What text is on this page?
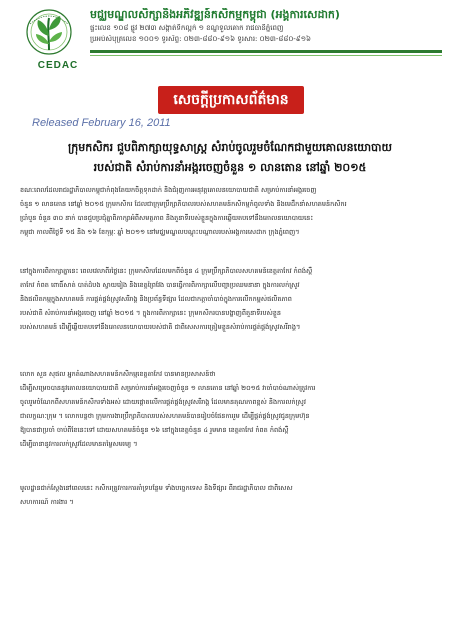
CEDAC
មជ្ឈមណ្ឌលសិក្សានិងអភិវឌ្ឍន៍កសិកម្មកម្ពុជា (អង្គការសេដាក)
ផ្ទះលេខ ១០៨ ផ្លូវ ២៧៣ សង្កាត់ទឹកល្អក់ ១ ខណ្ឌទួលគោក រាជធានីភ្នំពេញ
ប្រអប់សំបុត្រលេខ ១០០១ ទូរស័ព្ទ: ០២៣-៨៨០-៩១៦ ទូរសារ: ០២៣-៨៨០-៩១៦
សេចក្តីប្រកាសព័ត៌មាន
Released February 16, 2011
ក្រុមកសិករ ជួបពិភាក្សាយុទ្ធសាស្ត្រ សំរាប់ចូលរួមចំណែកជាមួយគោលនយោបាយ
របស់ជាតិ សំរាប់ការនាំអង្ករចេញចំនួន ១ លានតោន នៅឆ្នាំ ២០១៥
ខណៈពេលដែលរាជរដ្ឋាភិបាលកម្ពុជាកំពុងតែយកចិត្តទុកដាក់ និងជំរុញការអនុវត្តគោលនយោបាយជាតិ សម្រាប់ការនាំអង្ករចេញ
ចំនួន ១ លានតោន នៅឆ្នាំ ២០១៥ ក្រុមកសិករ ដែលជាក្រុមប្រឹក្សាភិបាលរបស់សហគមន៍កសិកម្មកំពូលទាំង និងមេដឹកនាំសហគមន៍កសិករ
ប្រាំបួន ចំនួន ៣០ នាក់ បានជួបប្រជុំគ្នាពិភាក្សាអំពីសមត្ថភាព និងតួនាទីរបស់ខ្លួនក្នុងការឆ្លើយតបទៅនឹងគោលនយោបាយនេះ
កម្ពុជា កាលពីថ្ងៃទី ១៥ និង ១៦ ខែកុម្ភៈ ឆ្នាំ ២០១១ នៅមជ្ឈមណ្ឌលបណ្តុះបណ្តាលរបស់អង្គការសេដាក ក្រុងភ្នំពេញ។
នៅក្នុងការពិភាក្សាគ្នានេះ ពេលវេលាពីរថ្ងៃនេះ ក្រុមកសិករដែលមកពីចំនួន ៤ ក្រុមប្រឹក្សាភិបាលសហគមន៍ខេត្តតាកែវ កំពង់ស្ពឺ
តាកែវ កំពត ពោធិ៍សាត់ បាត់ដំបង ស្វាយរៀង និងខេត្តព្រៃវែង បានធ្វើការពិភាក្សាលើបញ្ហាប្រឈមនានា ក្នុងការលក់ស្រូវ
និងផលិតកម្មក្នុងសហគមន៍ ការផ្គត់ផ្គង់ស្រូវសរីរាង្គ និងប្រព័ន្ធទីផ្សារ ដែលជាកត្តាចាំបាច់ក្នុងការលើកកម្ពស់ផលិតភាព
របស់ជាតិ សំរាប់ការនាំអង្ករចេញ នៅឆ្នាំ ២០១៥ ។ ក្នុងការពិភាក្សានេះ ក្រុមកសិករបានបង្ហាញពីតួនាទីរបស់ខ្លួន
របស់សហគមន៍ ដើម្បីឆ្លើយតបទៅនឹងគោលនយោបាយរបស់ជាតិ ជាពិសេសការត្រៀមខ្លួនសំរាប់ការផ្គត់ផ្គង់ស្រូវសរីរាង្គ។
លោក សួន សុផល អ្នកតំណាងសហគមន៍កសិកម្មខេត្តតាកែវ បានមានប្រសាសន៍ថា
ដើម្បីសម្រេចបាននូវគោលនយោបាយជាតិ សម្រាប់ការនាំអង្ករចេញចំនួន ១ លានតោន នៅឆ្នាំ ២០១៥ វាចាំបាច់ណាស់ត្រូវការ
ចូលរួមចំណែកពីសហគមន៍កសិករទាំងអស់ ដោយផ្តោតលើការផ្គត់ផ្គង់ស្រូវសរីរាង្គ ដែលមានគុណភាពខ្ពស់ និងការលក់ស្រូវ
ជាលក្ខណៈក្រុម ។ លោកបន្តថា ក្រុមការងារប្រឹក្សាភិបាលរបស់សហគមន៍បានរៀបចំផែនការរួម ដើម្បីផ្គត់ផ្គង់ស្រូវជូនក្រុមហ៊ុន
ឱ្យបានជាប្រចាំ ចាប់ពីខែនេះទៅ ដោយសហគមន៍ចំនួន ១៦ នៅក្នុងខេត្តចំនួន ៤ រួមមាន ខេត្តតាកែវ កំពត កំពង់ស្ពឺ
ដើម្បីធានានូវការលក់ស្រូវដែលមានតម្លៃសមរម្យ ។
មូលដ្ឋានជាក់ស្តែងនៅពេលនេះ កសិករត្រូវការការគាំទ្របន្ថែម ទាំងបច្ចេកទេស និងទីផ្សារ ពីរាជរដ្ឋាភិបាល ជាពិសេស
សហការណ៍ ការងារ ។
